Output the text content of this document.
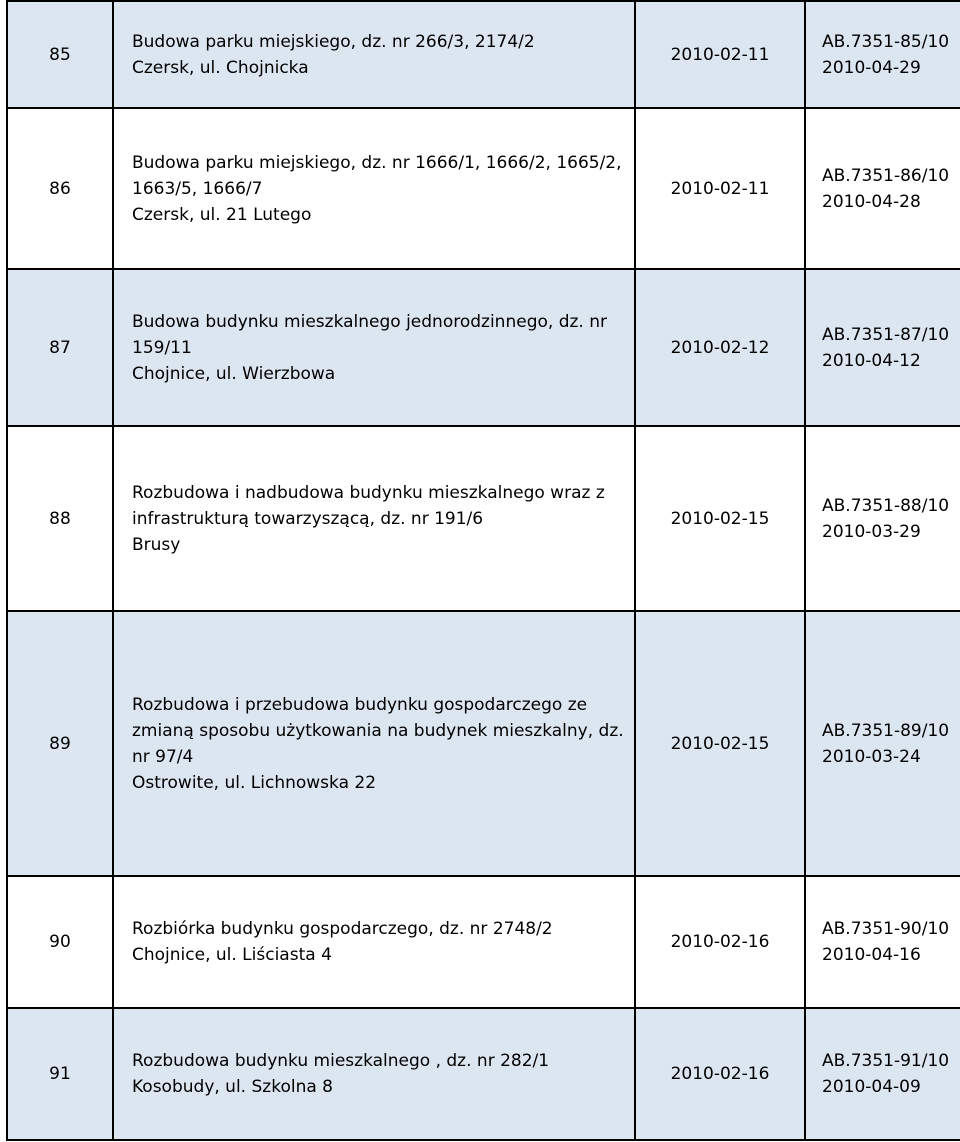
85	Budowa parku miejskiego, dz. nr 266/3, 2174/2
Czersk, ul. Chojnicka	2010-02-11	AB.7351-85/10
2010-04-29

86	Budowa parku miejskiego, dz. nr 1666/1, 1666/2, 1665/2,
1663/5, 1666/7
Czersk, ul. 21 Lutego	2010-02-11	AB.7351-86/10
2010-04-28

87	Budowa budynku mieszkalnego jednorodzinnego, dz. nr
159/11
Chojnice, ul. Wierzbowa	2010-02-12	AB.7351-87/10
2010-04-12

88	Rozbudowa i nadbudowa budynku mieszkalnego wraz z
infrastrukturą towarzyszącą, dz. nr 191/6
Brusy	2010-02-15	AB.7351-88/10
2010-03-29

89	Rozbudowa i przebudowa budynku gospodarczego ze
zmianą sposobu użytkowania na budynek mieszkalny, dz.
nr 97/4
Ostrowite, ul. Lichnowska 22	2010-02-15	AB.7351-89/10
2010-03-24

90	Rozbiórka budynku gospodarczego, dz. nr 2748/2
Chojnice, ul. Liściasta 4	2010-02-16	AB.7351-90/10
2010-04-16

91	Rozbudowa budynku mieszkalnego , dz. nr 282/1
Kosobudy, ul. Szkolna 8	2010-02-16	AB.7351-91/10
2010-04-09
